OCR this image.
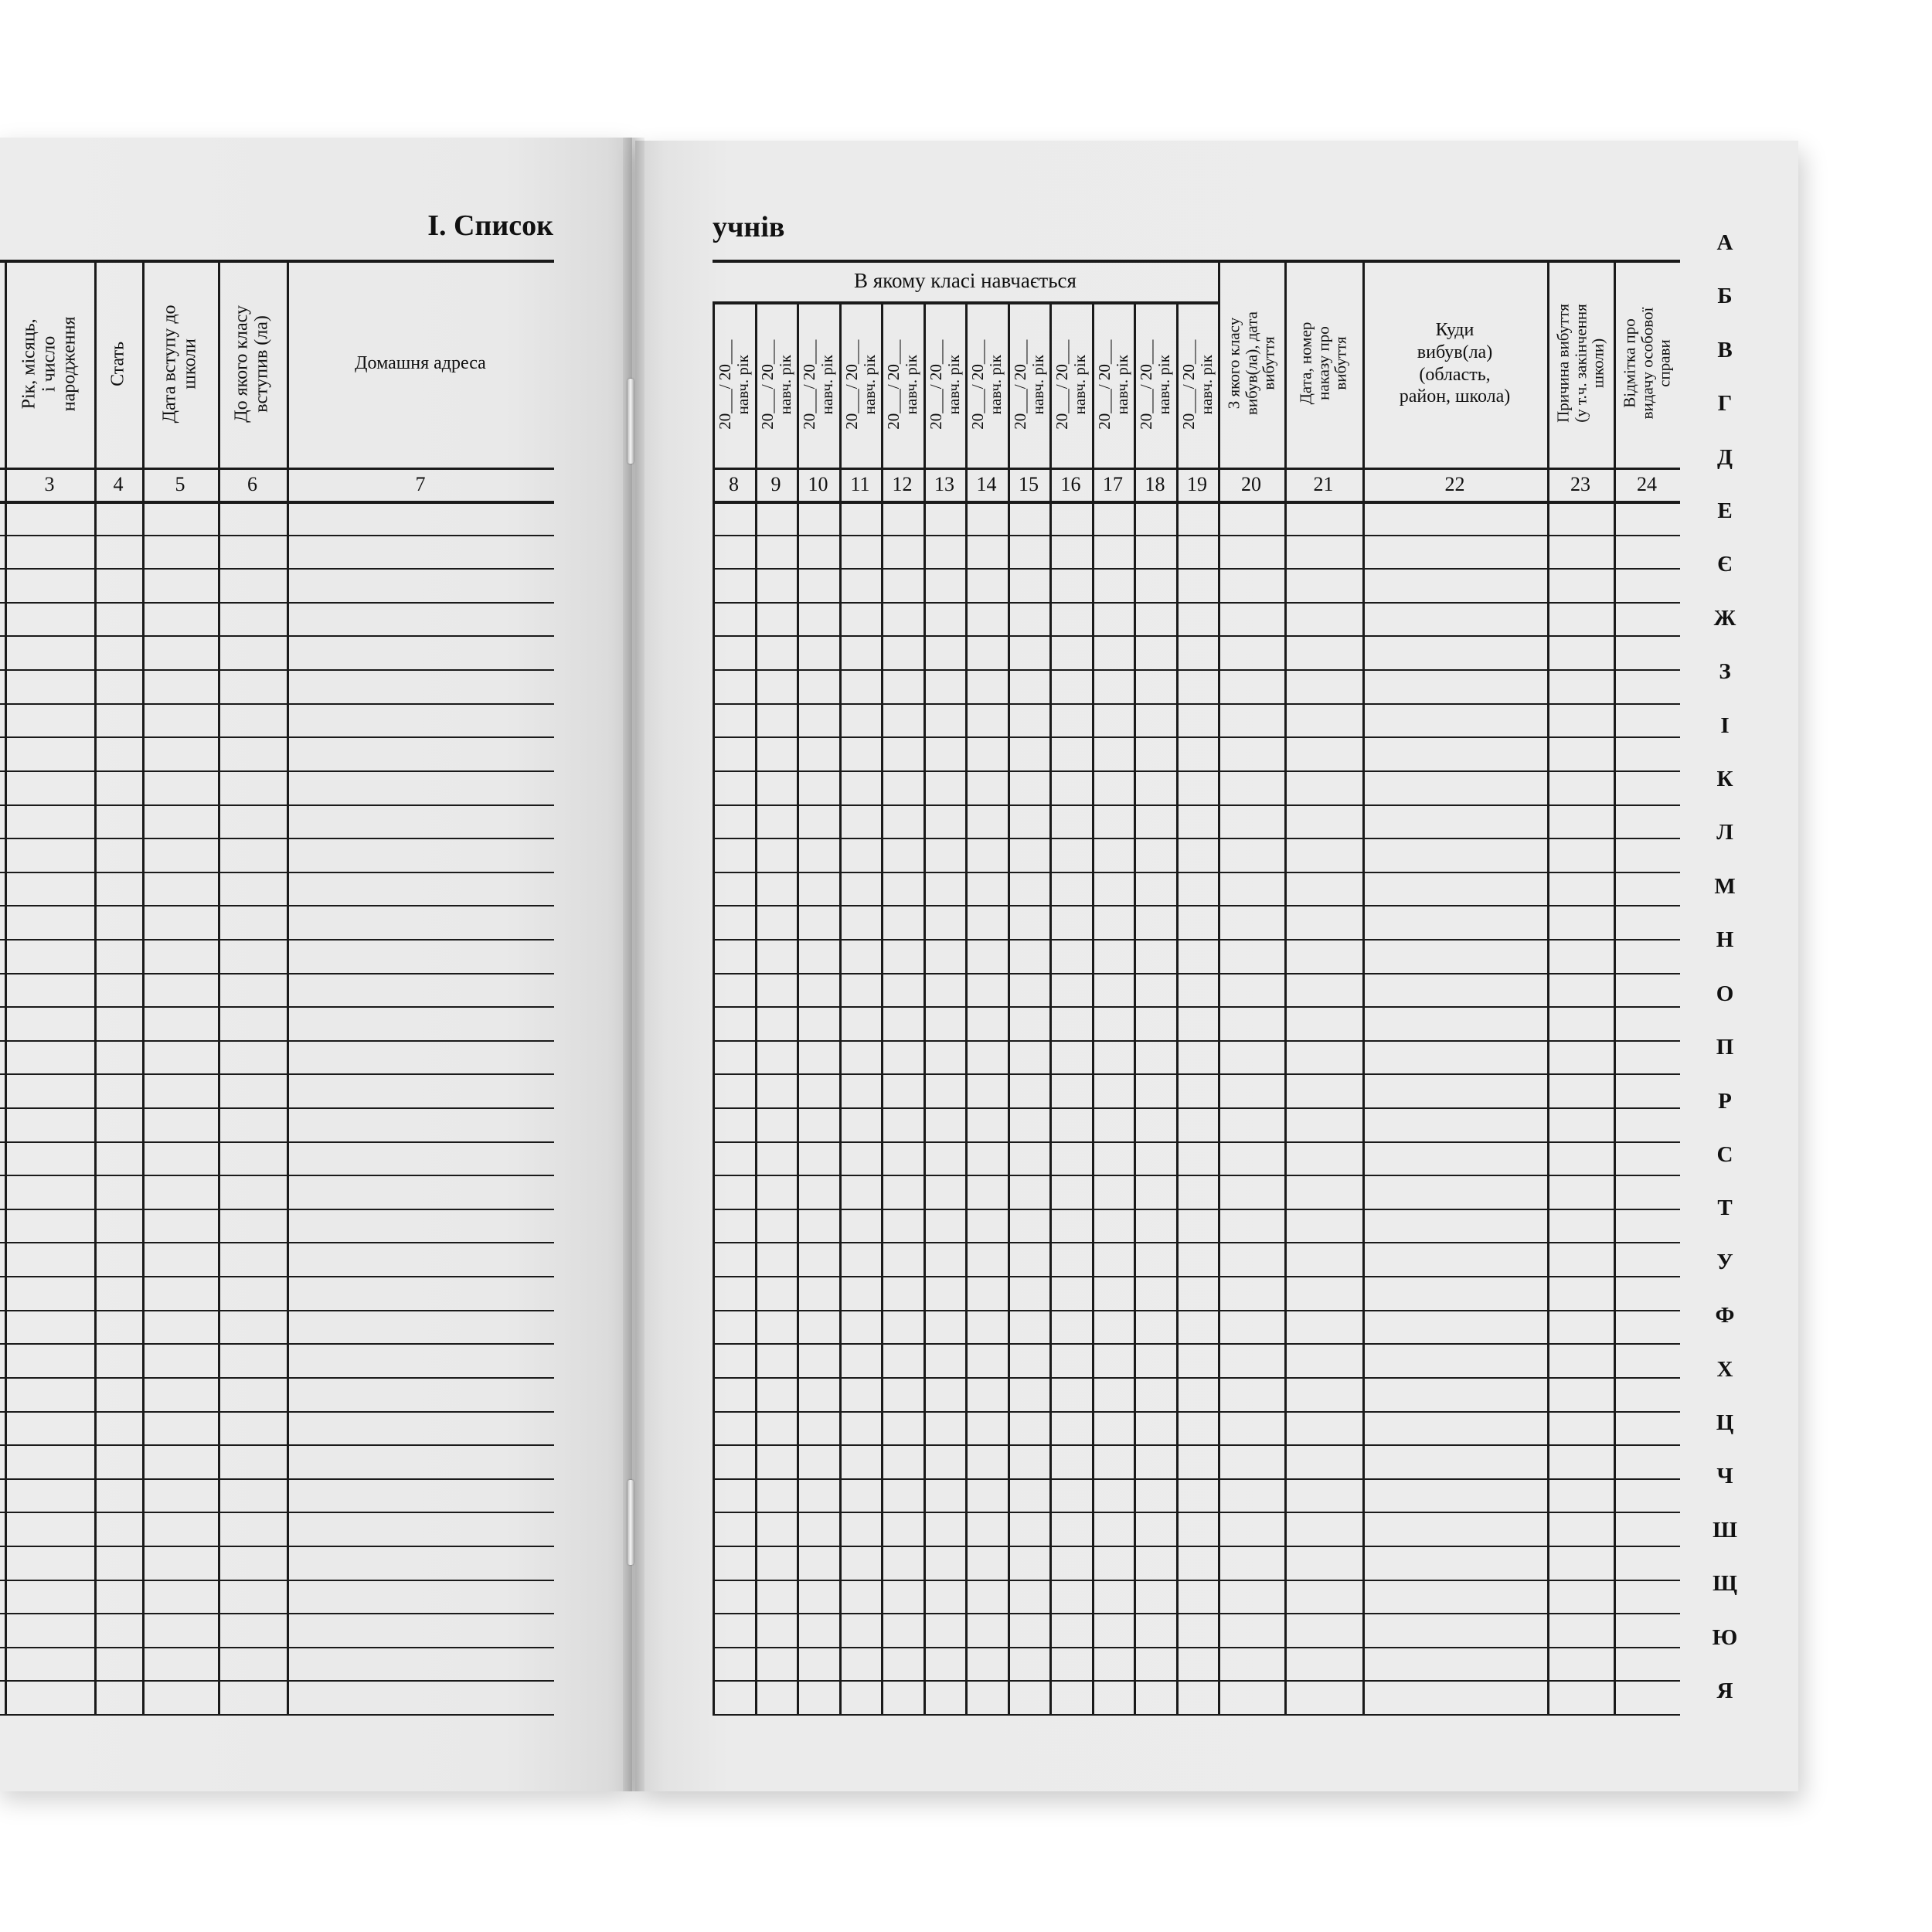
I. Список	учнів
Рік, місяць,
і число
народження
3
Стать
4
Дата вступу до
школи
5
До якого класу
вступив (ла)
6
Домашня адреса
7
В якому класі навчається
20___/ 20___
навч. рік
8
20___/ 20___
навч. рік
9
20___/ 20___
навч. рік
10
20___/ 20___
навч. рік
11
20___/ 20___
навч. рік
12
20___/ 20___
навч. рік
13
20___/ 20___
навч. рік
14
20___/ 20___
навч. рік
15
20___/ 20___
навч. рік
16
20___/ 20___
навч. рік
17
20___/ 20___
навч. рік
18
20___/ 20___
навч. рік
19
З якого класу
вибув(ла), дата
вибуття
20
Дата, номер
наказу про
вибуття
21
Куди
вибув(ла)
(область,
район, школа)
22
Причина вибуття
(у т.ч. закінчення
школи)
23
Відмітка про
видачу особової
справи
24
А
Б
В
Г
Д
Е
Є
Ж
З
І
К
Л
М
Н
О
П
Р
С
Т
У
Ф
Х
Ц
Ч
Ш
Щ
Ю
Я
